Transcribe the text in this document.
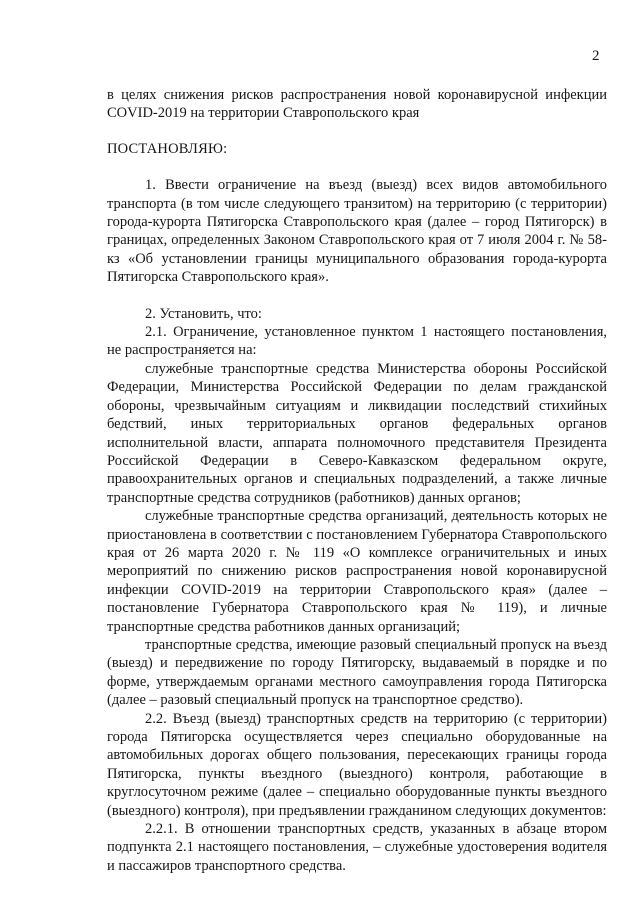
2

в целях снижения рисков распространения новой коронавирусной инфекции COVID-2019 на территории Ставропольского края

ПОСТАНОВЛЯЮ:

1. Ввести ограничение на въезд (выезд) всех видов автомобильного транспорта (в том числе следующего транзитом) на территорию (с территории) города-курорта Пятигорска Ставропольского края (далее – город Пятигорск) в границах, определенных Законом Ставропольского края от 7 июля 2004 г. № 58-кз «Об установлении границы муниципального образования города-курорта Пятигорска Ставропольского края».

2. Установить, что:

2.1. Ограничение, установленное пунктом 1 настоящего постановления, не распространяется на:

служебные транспортные средства Министерства обороны Российской Федерации, Министерства Российской Федерации по делам гражданской обороны, чрезвычайным ситуациям и ликвидации последствий стихийных бедствий, иных территориальных органов федеральных органов исполнительной власти, аппарата полномочного представителя Президента Российской Федерации в Северо-Кавказском федеральном округе, правоохранительных органов и специальных подразделений, а также личные транспортные средства сотрудников (работников) данных органов;

служебные транспортные средства организаций, деятельность которых не приостановлена в соответствии с постановлением Губернатора Ставропольского края от 26 марта 2020 г. № 119 «О комплексе ограничительных и иных мероприятий по снижению рисков распространения новой коронавирусной инфекции COVID-2019 на территории Ставропольского края» (далее – постановление Губернатора Ставропольского края № 119), и личные транспортные средства работников данных организаций;

транспортные средства, имеющие разовый специальный пропуск на въезд (выезд) и передвижение по городу Пятигорску, выдаваемый в порядке и по форме, утверждаемым органами местного самоуправления города Пятигорска (далее – разовый специальный пропуск на транспортное средство).

2.2. Въезд (выезд) транспортных средств на территорию (с территории) города Пятигорска осуществляется через специально оборудованные на автомобильных дорогах общего пользования, пересекающих границы города Пятигорска, пункты въездного (выездного) контроля, работающие в круглосуточном режиме (далее – специально оборудованные пункты въездного (выездного) контроля), при предъявлении гражданином следующих документов:

2.2.1. В отношении транспортных средств, указанных в абзаце втором подпункта 2.1 настоящего постановления, – служебные удостоверения водителя и пассажиров транспортного средства.
